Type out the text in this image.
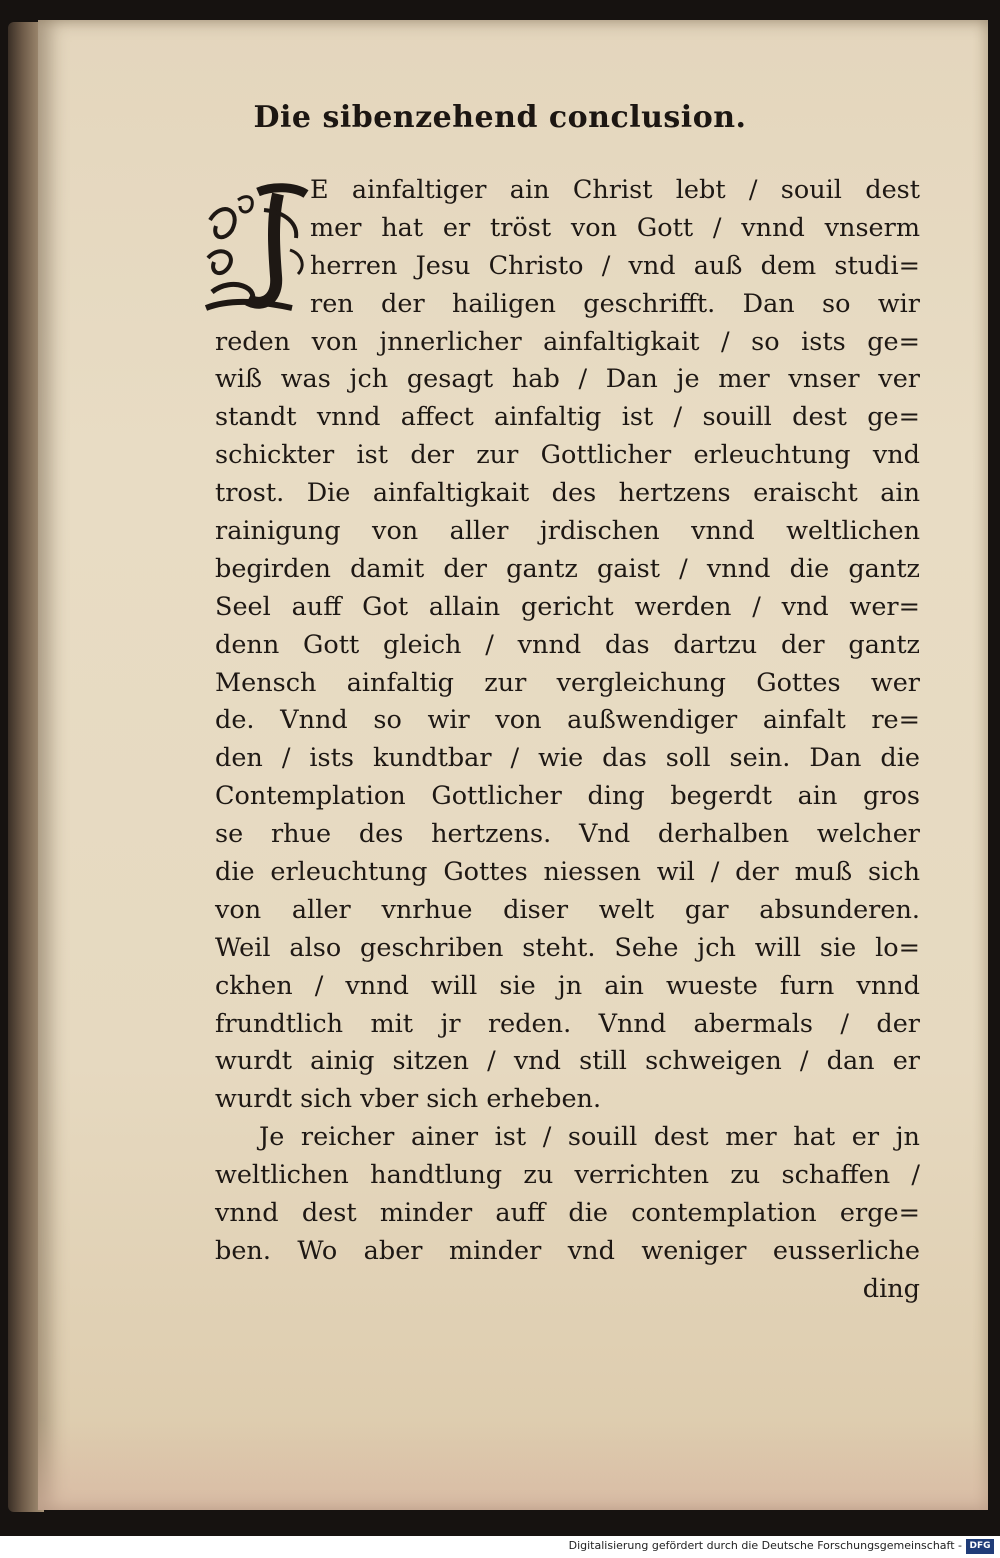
Die sibenzehend conclusion.
E ainfaltiger ain Christ lebt / souil dest
mer hat er tröst von Gott / vnnd vnserm
herren Jesu Christo / vnd auß dem studi=
ren der hailigen geschrifft. Dan so wir
reden von jnnerlicher ainfaltigkait / so ists ge=
wiß was jch gesagt hab / Dan je mer vnser ver
standt vnnd affect ainfaltig ist / souill dest ge=
schickter ist der zur Gottlicher erleuchtung vnd
trost. Die ainfaltigkait des hertzens eraischt ain
rainigung von aller jrdischen vnnd weltlichen
begirden damit der gantz gaist / vnnd die gantz
Seel auff Got allain gericht werden / vnd wer=
denn Gott gleich / vnnd das dartzu der gantz
Mensch ainfaltig zur vergleichung Gottes wer
de. Vnnd so wir von außwendiger ainfalt re=
den / ists kundtbar / wie das soll sein. Dan die
Contemplation Gottlicher ding begerdt ain gros
se rhue des hertzens. Vnd derhalben welcher
die erleuchtung Gottes niessen wil / der muß sich
von aller vnrhue diser welt gar absunderen.
Weil also geschriben steht. Sehe jch will sie lo=
ckhen / vnnd will sie jn ain wueste furn vnnd
frundtlich mit jr reden. Vnnd abermals / der
wurdt ainig sitzen / vnd still schweigen / dan er
wurdt sich vber sich erheben.
Je reicher ainer ist / souill dest mer hat er jn
weltlichen handtlung zu verrichten zu schaffen /
vnnd dest minder auff die contemplation erge=
ben. Wo aber minder vnd weniger eusserliche
ding
Digitalisierung gefördert durch die Deutsche Forschungsgemeinschaft - DFG
